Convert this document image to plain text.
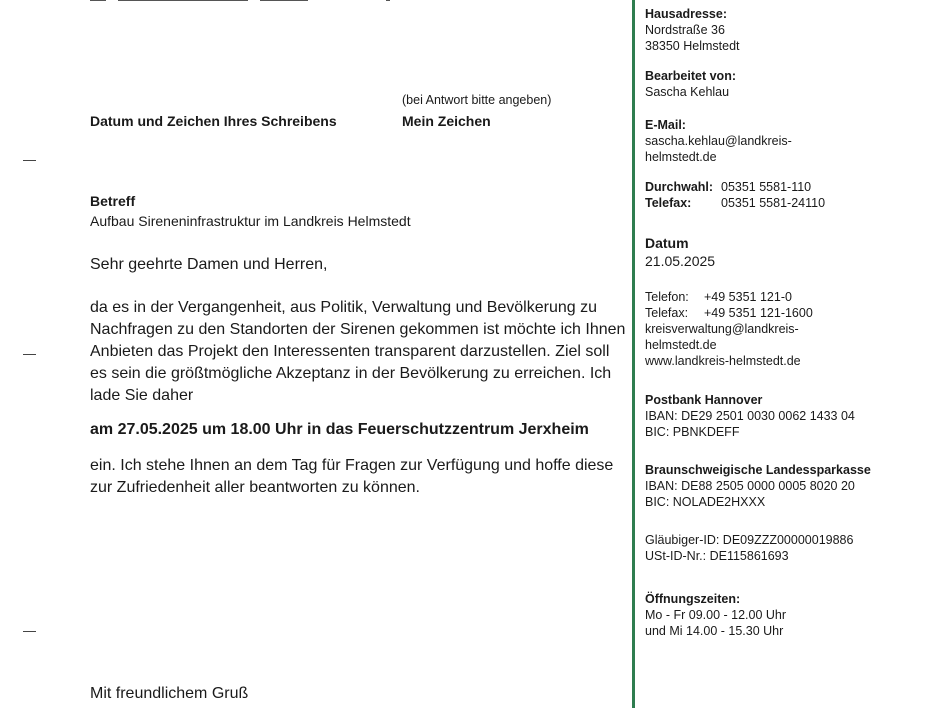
(bei Antwort bitte angeben)
Datum und Zeichen Ihres Schreibens	Mein Zeichen
Betreff
Aufbau Sireneninfrastruktur im Landkreis Helmstedt
Sehr geehrte Damen und Herren,
da es in der Vergangenheit, aus Politik, Verwaltung und Bevölkerung zu
Nachfragen zu den Standorten der Sirenen gekommen ist möchte ich Ihnen
Anbieten das Projekt den Interessenten transparent darzustellen. Ziel soll
es sein die größtmögliche Akzeptanz in der Bevölkerung zu erreichen. Ich
lade Sie daher
am 27.05.2025 um 18.00 Uhr in das Feuerschutzzentrum Jerxheim
ein. Ich stehe Ihnen an dem Tag für Fragen zur Verfügung und hoffe diese
zur Zufriedenheit aller beantworten zu können.
Mit freundlichem Gruß
Hausadresse:
Nordstraße 36
38350 Helmstedt
Bearbeitet von:
Sascha Kehlau
E-Mail:
sascha.kehlau@landkreis-
helmstedt.de
Durchwahl: 05351 5581-110
Telefax:	05351 5581-24110
Datum
21.05.2025
Telefon:	+49 5351 121-0
Telefax:	+49 5351 121-1600
kreisverwaltung@landkreis-
helmstedt.de
www.landkreis-helmstedt.de
Postbank Hannover
IBAN: DE29 2501 0030 0062 1433 04
BIC: PBNKDEFF
Braunschweigische Landessparkasse
IBAN: DE88 2505 0000 0005 8020 20
BIC: NOLADE2HXXX
Gläubiger-ID: DE09ZZZ00000019886
USt-ID-Nr.: DE115861693
Öffnungszeiten:
Mo - Fr 09.00 - 12.00 Uhr
und Mi 14.00 - 15.30 Uhr
